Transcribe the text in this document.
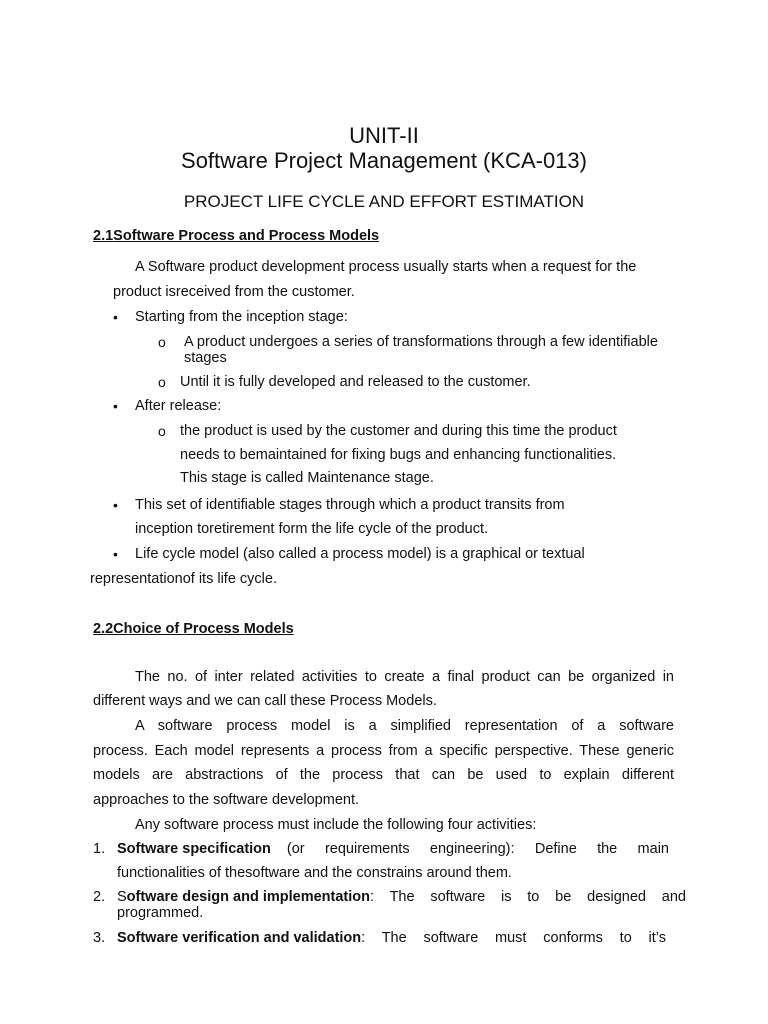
UNIT-II
Software Project Management (KCA-013)
PROJECT LIFE CYCLE AND EFFORT ESTIMATION
2.1Software Process and Process Models
A Software product development process usually starts when a request for the
product isreceived from the customer.
• Starting from the inception stage:
o A product undergoes a series of transformations through a few identifiable
stages
o Until it is fully developed and released to the customer.
• After release:
o the product is used by the customer and during this time the product
needs to bemaintained for fixing bugs and enhancing functionalities.
This stage is called Maintenance stage.
• This set of identifiable stages through which a product transits from
inception toretirement form the life cycle of the product.
• Life cycle model (also called a process model) is a graphical or textual
representationof its life cycle.
2.2Choice of Process Models
The no. of inter related activities to create a final product can be organized in
different ways and we can call these Process Models.
A software process model is a simplified representation of a software
process. Each model represents a process from a specific perspective. These generic
models are abstractions of the process that can be used to explain different
approaches to the software development.
Any software process must include the following four activities:
1. Software specification (or requirements engineering): Define the main
functionalities of thesoftware and the constrains around them.
2. S oftware design and implementation : The software is to be designed and
programmed.
3. Software verification and validation : The software must conforms to it’s
